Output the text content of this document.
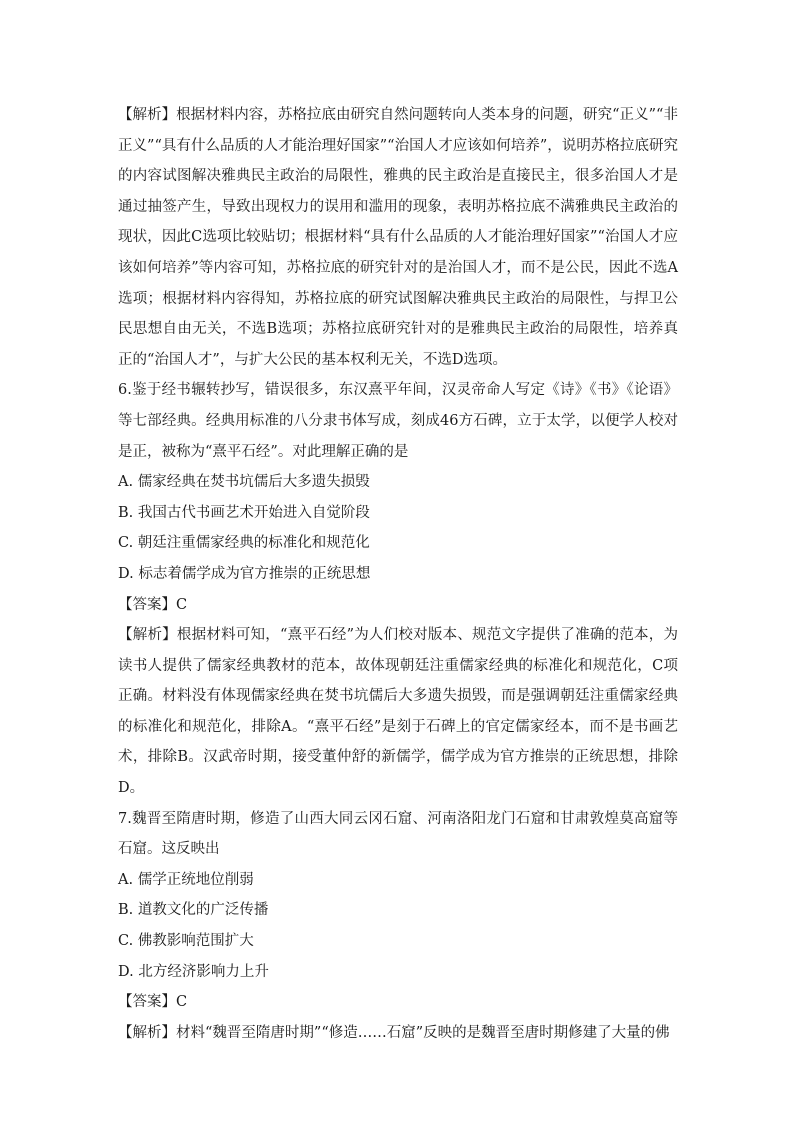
【解析】根据材料内容，苏格拉底由研究自然问题转向人类本身的问题，研究“正义”“非正义”“具有什么品质的人才能治理好国家”“治国人才应该如何培养”，说明苏格拉底研究的内容试图解决雅典民主政治的局限性，雅典的民主政治是直接民主，很多治国人才是通过抽签产生，导致出现权力的误用和滥用的现象，表明苏格拉底不满雅典民主政治的现状，因此C选项比较贴切；根据材料“具有什么品质的人才能治理好国家”“治国人才应该如何培养”等内容可知，苏格拉底的研究针对的是治国人才，而不是公民，因此不选A选项；根据材料内容得知，苏格拉底的研究试图解决雅典民主政治的局限性，与捍卫公民思想自由无关，不选B选项；苏格拉底研究针对的是雅典民主政治的局限性，培养真正的“治国人才”，与扩大公民的基本权利无关，不选D选项。

6.鉴于经书辗转抄写，错误很多，东汉熹平年间，汉灵帝命人写定《诗》《书》《论语》等七部经典。经典用标准的八分隶书体写成，刻成46方石碑，立于太学，以便学人校对是正，被称为“熹平石经”。对此理解正确的是

A. 儒家经典在焚书坑儒后大多遗失损毁

B. 我国古代书画艺术开始进入自觉阶段

C. 朝廷注重儒家经典的标准化和规范化

D. 标志着儒学成为官方推崇的正统思想

【答案】C

【解析】根据材料可知，“熹平石经”为人们校对版本、规范文字提供了准确的范本，为读书人提供了儒家经典教材的范本，故体现朝廷注重儒家经典的标准化和规范化，C项正确。材料没有体现儒家经典在焚书坑儒后大多遗失损毁，而是强调朝廷注重儒家经典的标准化和规范化，排除A。“熹平石经”是刻于石碑上的官定儒家经本，而不是书画艺术，排除B。汉武帝时期，接受董仲舒的新儒学，儒学成为官方推崇的正统思想，排除D。

7.魏晋至隋唐时期，修造了山西大同云冈石窟、河南洛阳龙门石窟和甘肃敦煌莫高窟等石窟。这反映出

A. 儒学正统地位削弱

B. 道教文化的广泛传播

C. 佛教影响范围扩大

D. 北方经济影响力上升

【答案】C

【解析】材料“魏晋至隋唐时期”“修造……石窟”反映的是魏晋至唐时期修建了大量的佛
